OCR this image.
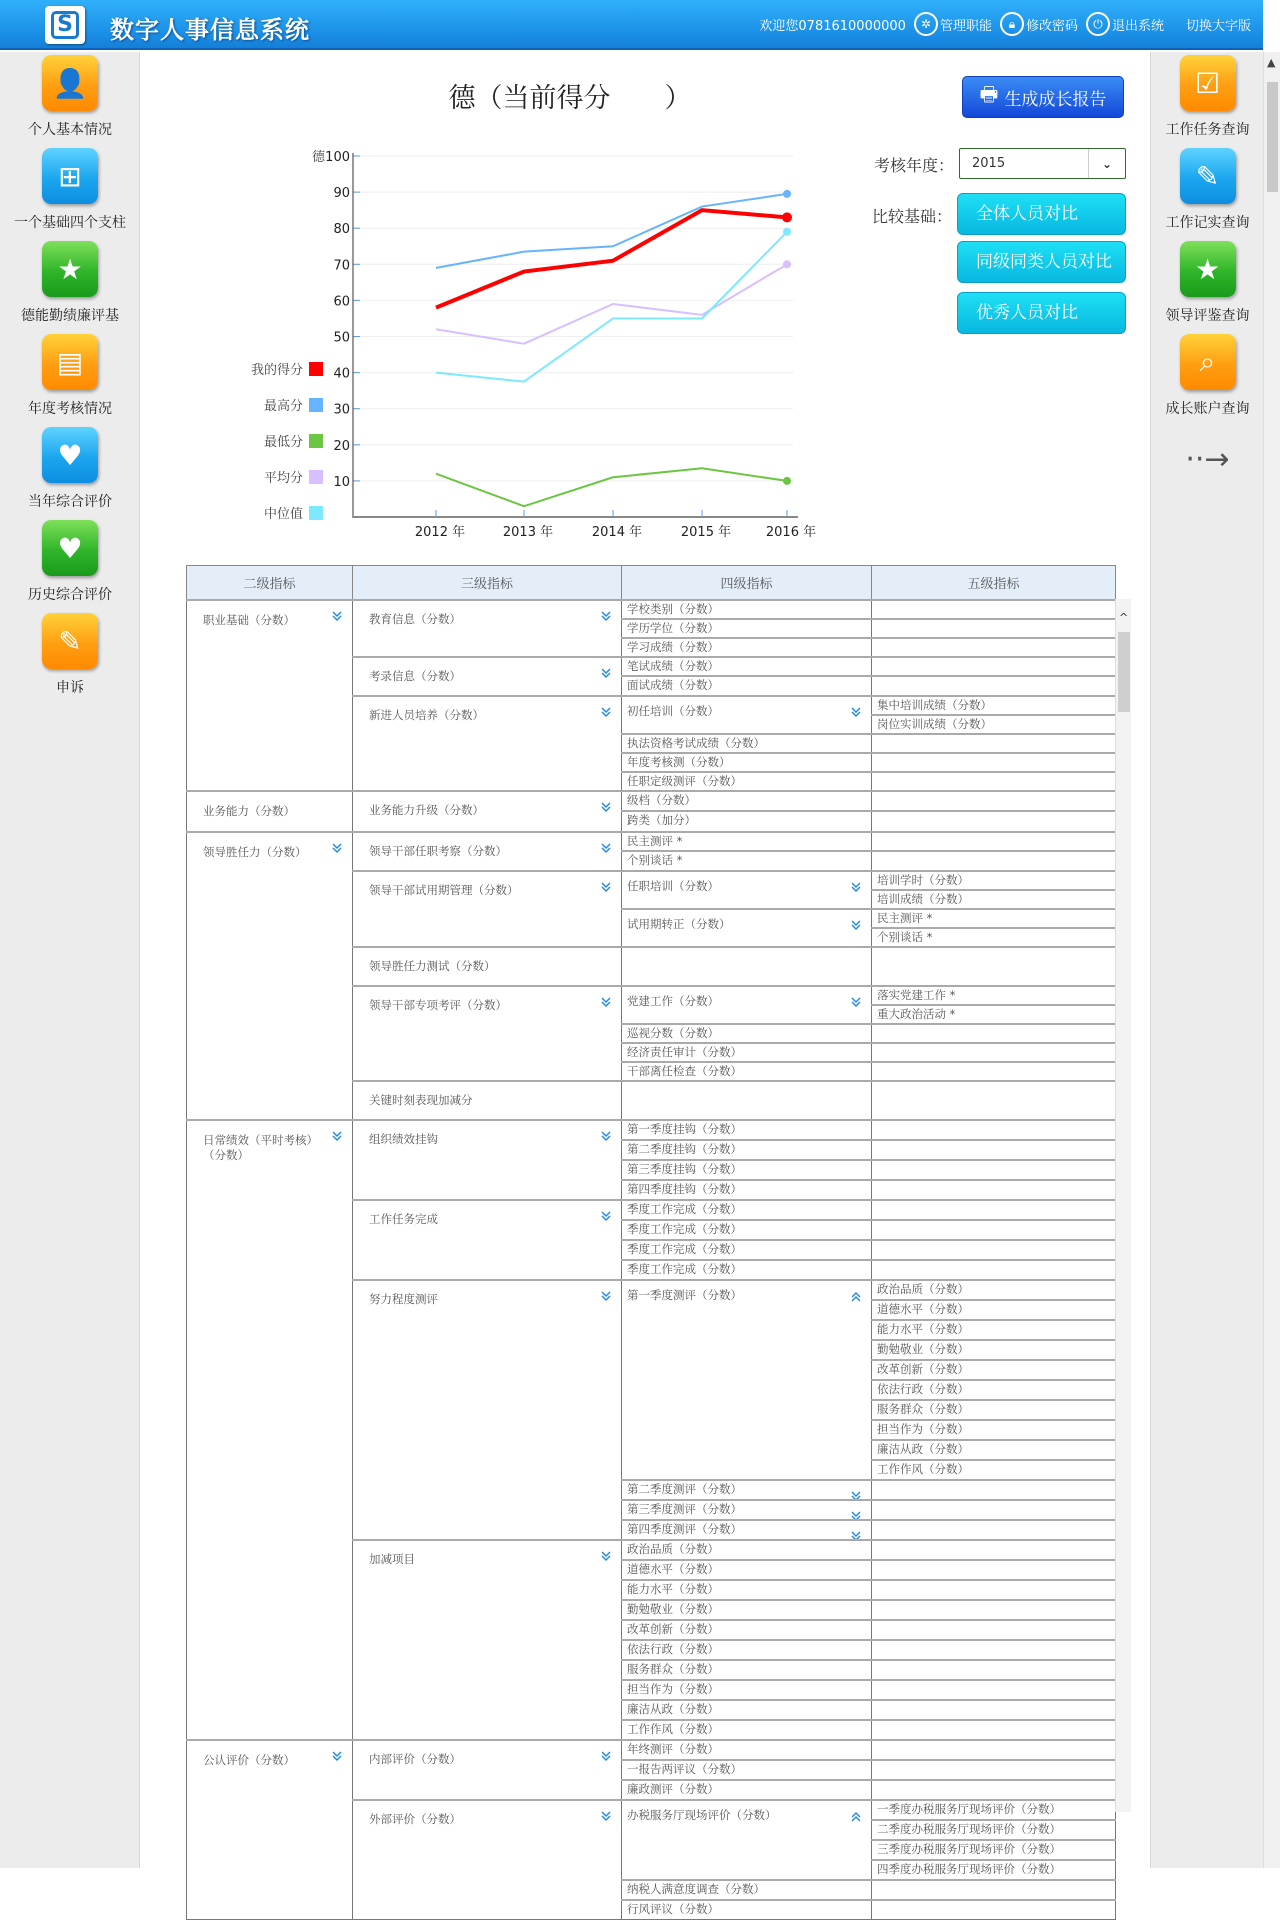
S 数字人事信息系统	欢迎您0781610000000	✲ 管理职能	🔒︎ 修改密码	⏻ 退出系统 切换大字版
👤
个人基本情况
⊞
一个基础四个支柱
★
德能勤绩廉评基
▤
年度考核情况
♥
当年综合评价
♥
历史综合评价
✎
申诉
☑
工作任务查询
✎
工作记实查询
★
领导评鉴查询
⌕
成长账户查询
··→
▲
德（当前得分　　）	🖶 生成成长报告
考核年度：	2015	⌄
比较基础：	全体人员对比
同级同类人员对比
优秀人员对比
10
20
30
40
50
60
70
80
90
100
德
2012 年	2013 年	2014 年	2015 年	2016 年
我的得分
最高分
最低分
平均分
中位值
二级指标	三级指标	四级指标	五级指标

职业基础（分数）	教育信息（分数）	学校类别（分数）	
		学历学位（分数）	
		学习成绩（分数）	
	考录信息（分数）	笔试成绩（分数）	
		面试成绩（分数）	
	新进人员培养（分数）	初任培训（分数）	集中培训成绩（分数）
			岗位实训成绩（分数）
		执法资格考试成绩（分数）	
		年度考核测（分数）	
		任职定级测评（分数）	

业务能力（分数）	业务能力升级（分数）	级档（分数）	
		跨类（加分）	

领导胜任力（分数）	领导干部任职考察（分数）	民主测评 *	
		个别谈话 *	
	领导干部试用期管理（分数）	任职培训（分数）	培训学时（分数）
			培训成绩（分数）
		试用期转正（分数）	民主测评 *
			个别谈话 *
	领导胜任力测试（分数）		
	领导干部专项考评（分数）	党建工作（分数）	落实党建工作 *
			重大政治活动 *
		巡视分数（分数）	
		经济责任审计（分数）	
		干部离任检查（分数）	
	关键时刻表现加减分		

日常绩效（平时考核）（分数）	组织绩效挂钩	第一季度挂钩（分数）	
		第二季度挂钩（分数）	
		第三季度挂钩（分数）	
		第四季度挂钩（分数）	
	工作任务完成	季度工作完成（分数）	
		季度工作完成（分数）	
		季度工作完成（分数）	
		季度工作完成（分数）	
	努力程度测评	第一季度测评（分数）	政治品质（分数）
			道德水平（分数）
			能力水平（分数）
			勤勉敬业（分数）
			改革创新（分数）
			依法行政（分数）
			服务群众（分数）
			担当作为（分数）
			廉洁从政（分数）
			工作作风（分数）
		第二季度测评（分数）

		第三季度测评（分数）

		第四季度测评（分数）

	加减项目	政治品质（分数）	
		道德水平（分数）	
		能力水平（分数）	
		勤勉敬业（分数）	
		改革创新（分数）	
		依法行政（分数）	
		服务群众（分数）	
		担当作为（分数）	
		廉洁从政（分数）	
		工作作风（分数）	

公认评价（分数）	内部评价（分数）	年终测评（分数）	
		一报告两评议（分数）	
		廉政测评（分数）	
	外部评价（分数）	办税服务厅现场评价（分数）	一季度办税服务厅现场评价（分数）
			二季度办税服务厅现场评价（分数）
			三季度办税服务厅现场评价（分数）
			四季度办税服务厅现场评价（分数）
		纳税人满意度调查（分数）	
		行风评议（分数）	
^
